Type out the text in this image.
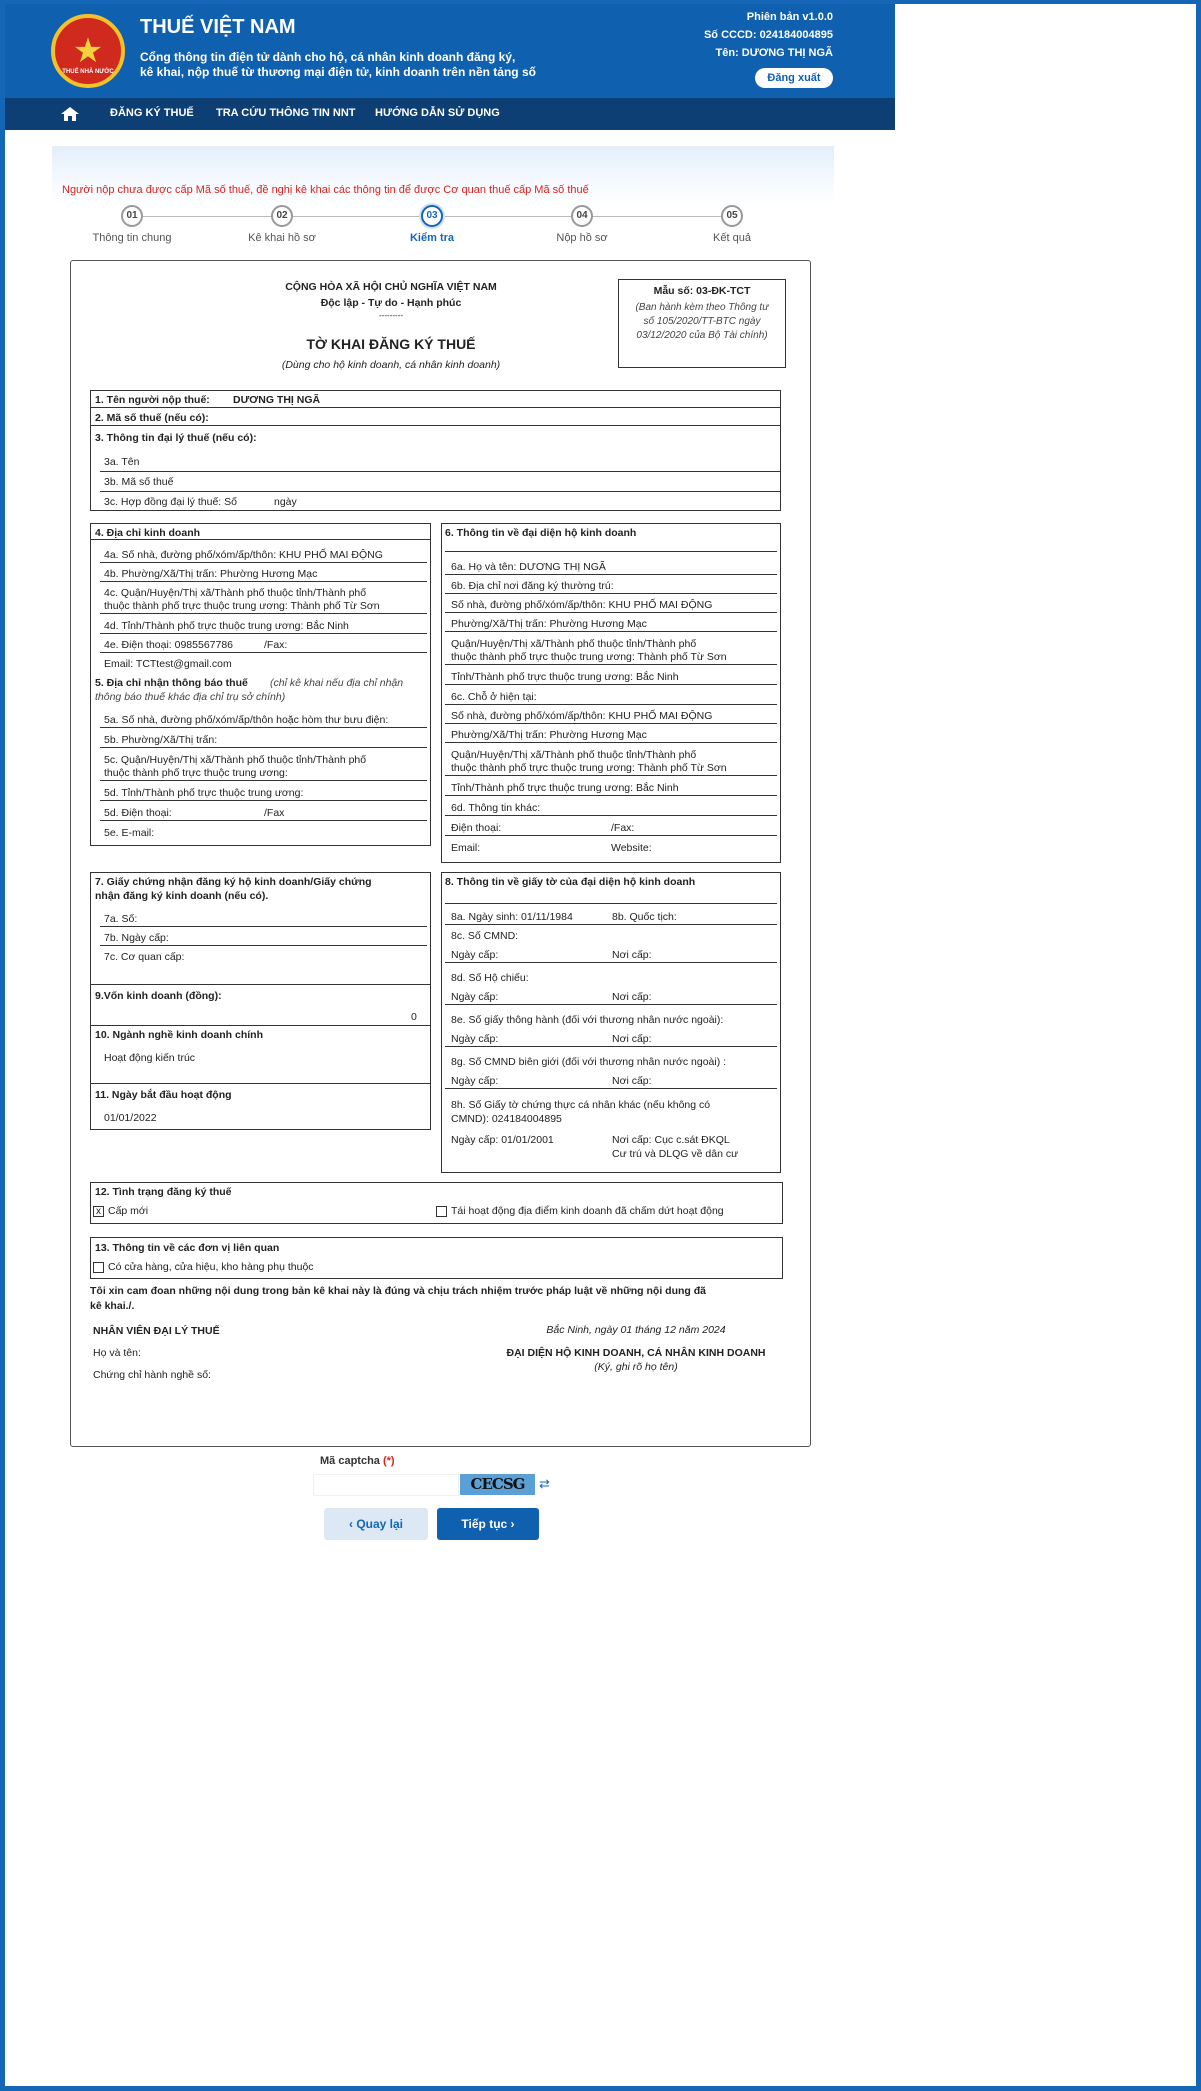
★
THUẾ NHÀ NƯỚC
THUẾ VIỆT NAM
Cổng thông tin điện tử dành cho hộ, cá nhân kinh doanh đăng ký,
kê khai, nộp thuế từ thương mại điện tử, kinh doanh trên nền tảng số
Phiên bản v1.0.0
Số CCCD: 024184004895
Tên: DƯƠNG THỊ NGÃ
Đăng xuất
ĐĂNG KÝ THUẾ TRA CỨU THÔNG TIN NNT HƯỚNG DẪN SỬ DỤNG
Người nộp chưa được cấp Mã số thuế, đề nghị kê khai các thông tin để được Cơ quan thuế cấp Mã số thuế
01
Thông tin chung
02
Kê khai hồ sơ
03
Kiểm tra
04
Nộp hồ sơ
05
Kết quả
CỘNG HÒA XÃ HỘI CHỦ NGHĨA VIỆT NAM
Độc lập - Tự do - Hạnh phúc
---------
TỜ KHAI ĐĂNG KÝ THUẾ
(Dùng cho hộ kinh doanh, cá nhân kinh doanh)
Mẫu số: 03-ĐK-TCT
(Ban hành kèm theo Thông tư
số 105/2020/TT-BTC ngày
03/12/2020 của Bộ Tài chính)
1. Tên người nộp thuế: DƯƠNG THỊ NGÃ
2. Mã số thuế (nếu có):
3. Thông tin đại lý thuế (nếu có):
3a. Tên
3b. Mã số thuế
3c. Hợp đồng đại lý thuế: Số	ngày
4. Địa chỉ kinh doanh
4a. Số nhà, đường phố/xóm/ấp/thôn: KHU PHỐ MAI ĐỘNG
4b. Phường/Xã/Thị trấn: Phường Hương Mạc
4c. Quận/Huyện/Thị xã/Thành phố thuộc tỉnh/Thành phố
thuộc thành phố trực thuộc trung ương: Thành phố Từ Sơn
4d. Tỉnh/Thành phố trực thuộc trung ương: Bắc Ninh
4e. Điện thoại: 0985567786	/Fax:
Email: TCTtest@gmail.com
5. Địa chỉ nhận thông báo thuế (chỉ kê khai nếu địa chỉ nhận
thông báo thuế khác địa chỉ trụ sở chính)
5a. Số nhà, đường phố/xóm/ấp/thôn hoặc hòm thư bưu điện:
5b. Phường/Xã/Thị trấn:
5c. Quận/Huyện/Thị xã/Thành phố thuộc tỉnh/Thành phố
thuộc thành phố trực thuộc trung ương:
5d. Tỉnh/Thành phố trực thuộc trung ương:
5d. Điện thoại:	/Fax
5e. E-mail:
6. Thông tin về đại diện hộ kinh doanh
6a. Họ và tên: DƯƠNG THỊ NGÃ
6b. Địa chỉ nơi đăng ký thường trú:
Số nhà, đường phố/xóm/ấp/thôn: KHU PHỐ MAI ĐỘNG
Phường/Xã/Thị trấn: Phường Hương Mạc
Quận/Huyện/Thị xã/Thành phố thuộc tỉnh/Thành phố
thuộc thành phố trực thuộc trung ương: Thành phố Từ Sơn
Tỉnh/Thành phố trực thuộc trung ương: Bắc Ninh
6c. Chỗ ở hiện tại:
Số nhà, đường phố/xóm/ấp/thôn: KHU PHỐ MAI ĐỘNG
Phường/Xã/Thị trấn: Phường Hương Mạc
Quận/Huyện/Thị xã/Thành phố thuộc tỉnh/Thành phố
thuộc thành phố trực thuộc trung ương: Thành phố Từ Sơn
Tỉnh/Thành phố trực thuộc trung ương: Bắc Ninh
6d. Thông tin khác:
Điện thoại:	/Fax:
Email:	Website:
7. Giấy chứng nhận đăng ký hộ kinh doanh/Giấy chứng
nhận đăng ký kinh doanh (nếu có).
7a. Số:
7b. Ngày cấp:
7c. Cơ quan cấp:
9.Vốn kinh doanh (đồng):
0
10. Ngành nghề kinh doanh chính
Hoạt động kiến trúc
11. Ngày bắt đầu hoạt động
01/01/2022
8. Thông tin về giấy tờ của đại diện hộ kinh doanh
8a. Ngày sinh: 01/11/1984	8b. Quốc tịch:
8c. Số CMND:
Ngày cấp:	Nơi cấp:
8d. Số Hộ chiếu:
Ngày cấp:	Nơi cấp:
8e. Số giấy thông hành (đối với thương nhân nước ngoài):
Ngày cấp:	Nơi cấp:
8g. Số CMND biên giới (đối với thương nhân nước ngoài) :
Ngày cấp:	Nơi cấp:
8h. Số Giấy tờ chứng thực cá nhân khác (nếu không có
CMND): 024184004895
Ngày cấp: 01/01/2001	Nơi cấp: Cục c.sát ĐKQL
Cư trú và DLQG về dân cư
12. Tình trạng đăng ký thuế
x Cấp mới	Tái hoạt động địa điểm kinh doanh đã chấm dứt hoạt động
13. Thông tin về các đơn vị liên quan
Có cửa hàng, cửa hiệu, kho hàng phụ thuộc
Tôi xin cam đoan những nội dung trong bản kê khai này là đúng và chịu trách nhiệm trước pháp luật về những nội dung đã
kê khai./.
NHÂN VIÊN ĐẠI LÝ THUẾ
Họ và tên:
Chứng chỉ hành nghề số:
Bắc Ninh, ngày 01 tháng 12 năm 2024
ĐẠI DIỆN HỘ KINH DOANH, CÁ NHÂN KINH DOANH
(Ký, ghi rõ họ tên)
Mã captcha (*)
CECSG	⇄
‹ Quay lại	Tiếp tục ›
